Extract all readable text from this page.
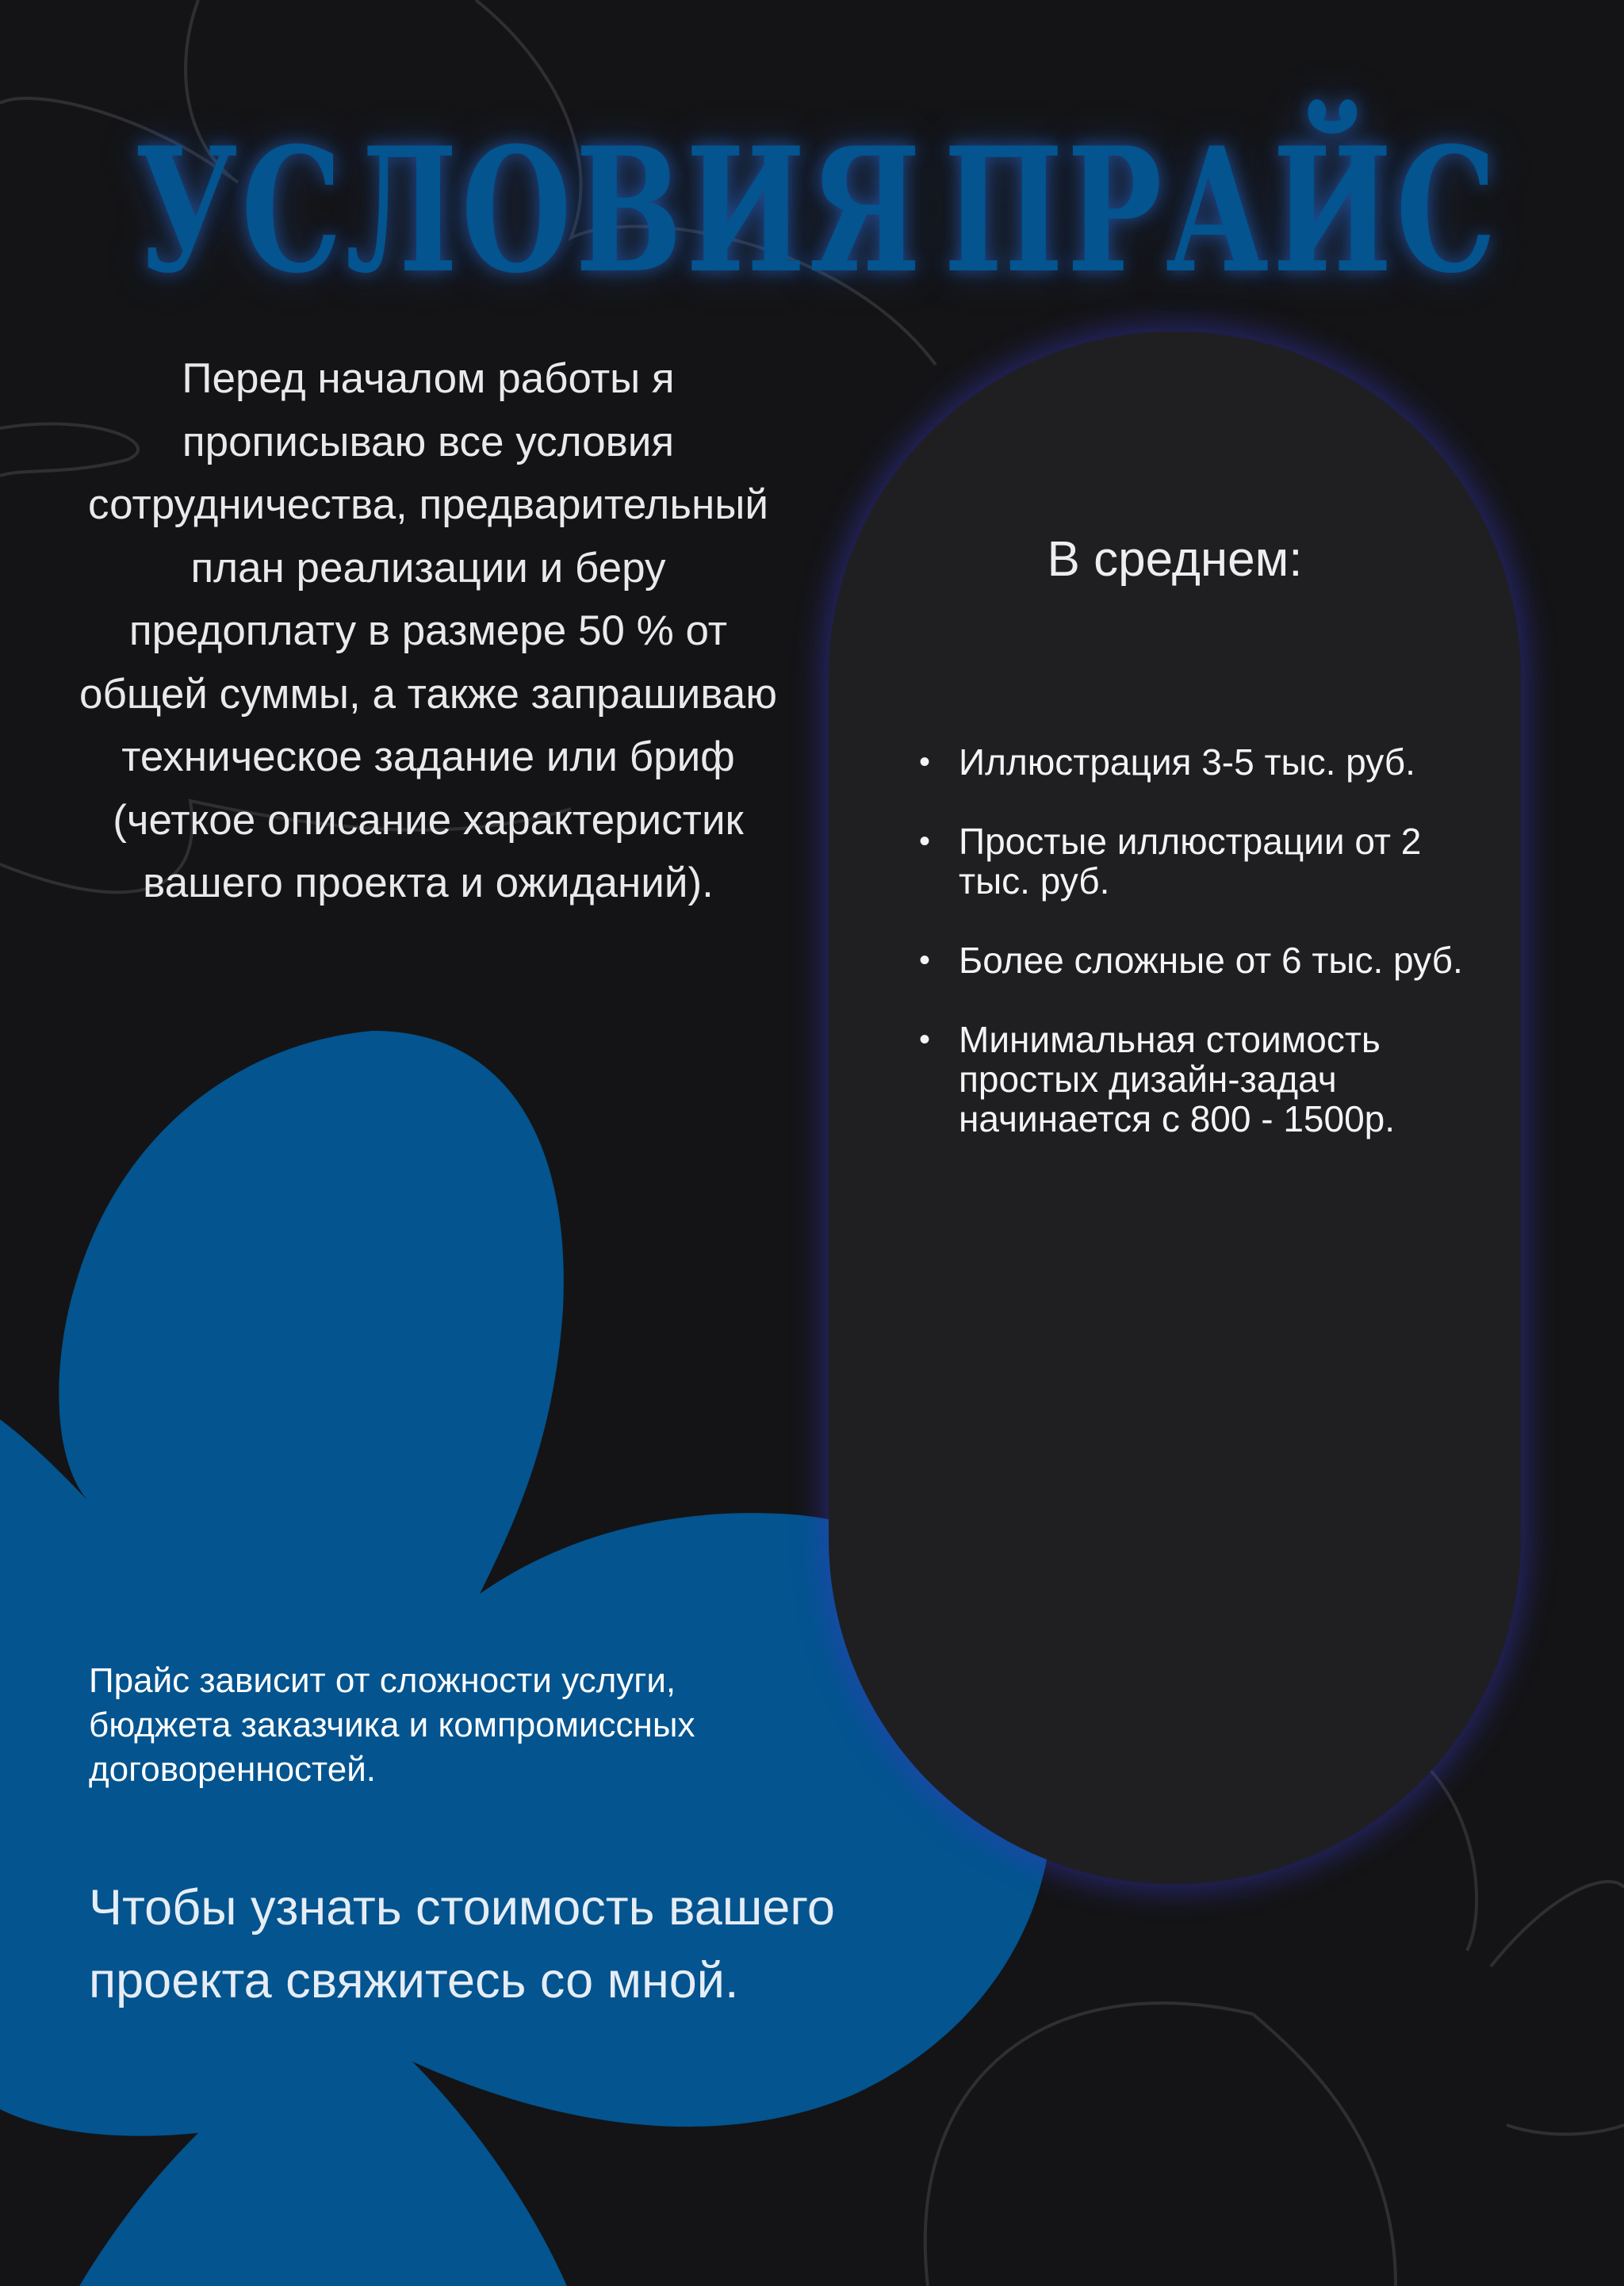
УСЛОВИЯ ПРАЙС

Перед началом работы я прописываю все условия сотрудничества, предварительный план реализации и беру предоплату в размере 50 % от общей суммы, а также запрашиваю техническое задание или бриф (четкое описание характеристик вашего проекта и ожиданий).

В среднем:

• Иллюстрация 3-5 тыс. руб.
• Простые иллюстрации от 2 тыс. руб.
• Более сложные от 6 тыс. руб.
• Минимальная стоимость простых дизайн-задач начинается с 800 - 1500р.

Прайс зависит от сложности услуги, бюджета заказчика и компромиссных договоренностей.

Чтобы узнать стоимость вашего проекта свяжитесь со мной.
